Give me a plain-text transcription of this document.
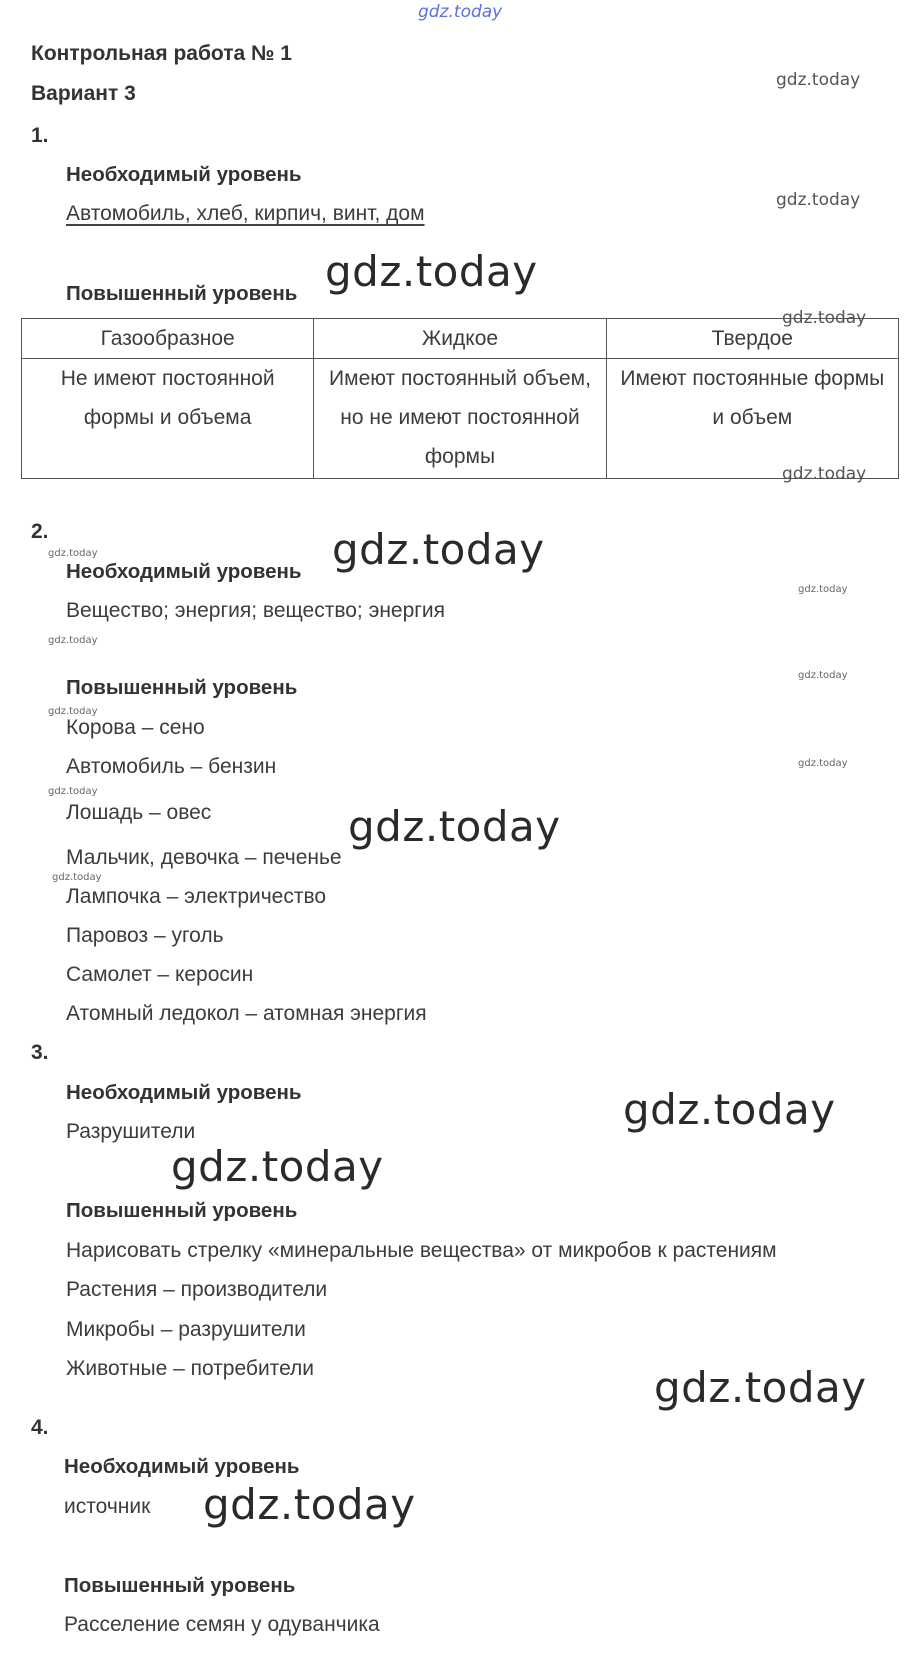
gdz.today
Контрольная работа № 1
Вариант 3
gdz.today
1.
Необходимый уровень
Автомобиль, хлеб, кирпич, винт, дом
gdz.today
Повышенный уровень gdz.today
Газообразное	Жидкое	Твердое
Не имеют постоянной формы и объема	Имеют постоянный объем, но не имеют постоянной формы	Имеют постоянные формы и объем
gdz.today
gdz.today
2.
gdz.today
Необходимый уровень gdz.today
gdz.today
Вещество; энергия; вещество; энергия
gdz.today
Повышенный уровень
gdz.today
gdz.today
Корова – сено
Автомобиль – бензин	gdz.today
gdz.today
Лошадь – овес	gdz.today
Мальчик, девочка – печенье
gdz.today
Лампочка – электричество
Паровоз – уголь
Самолет – керосин
Атомный ледокол – атомная энергия
3.
Необходимый уровень	gdz.today
Разрушители
gdz.today
Повышенный уровень
Нарисовать стрелку «минеральные вещества» от микробов к растениям
Растения – производители
Микробы – разрушители
Животные – потребители	gdz.today
4.
Необходимый уровень
источник gdz.today
Повышенный уровень
Расселение семян у одуванчика
